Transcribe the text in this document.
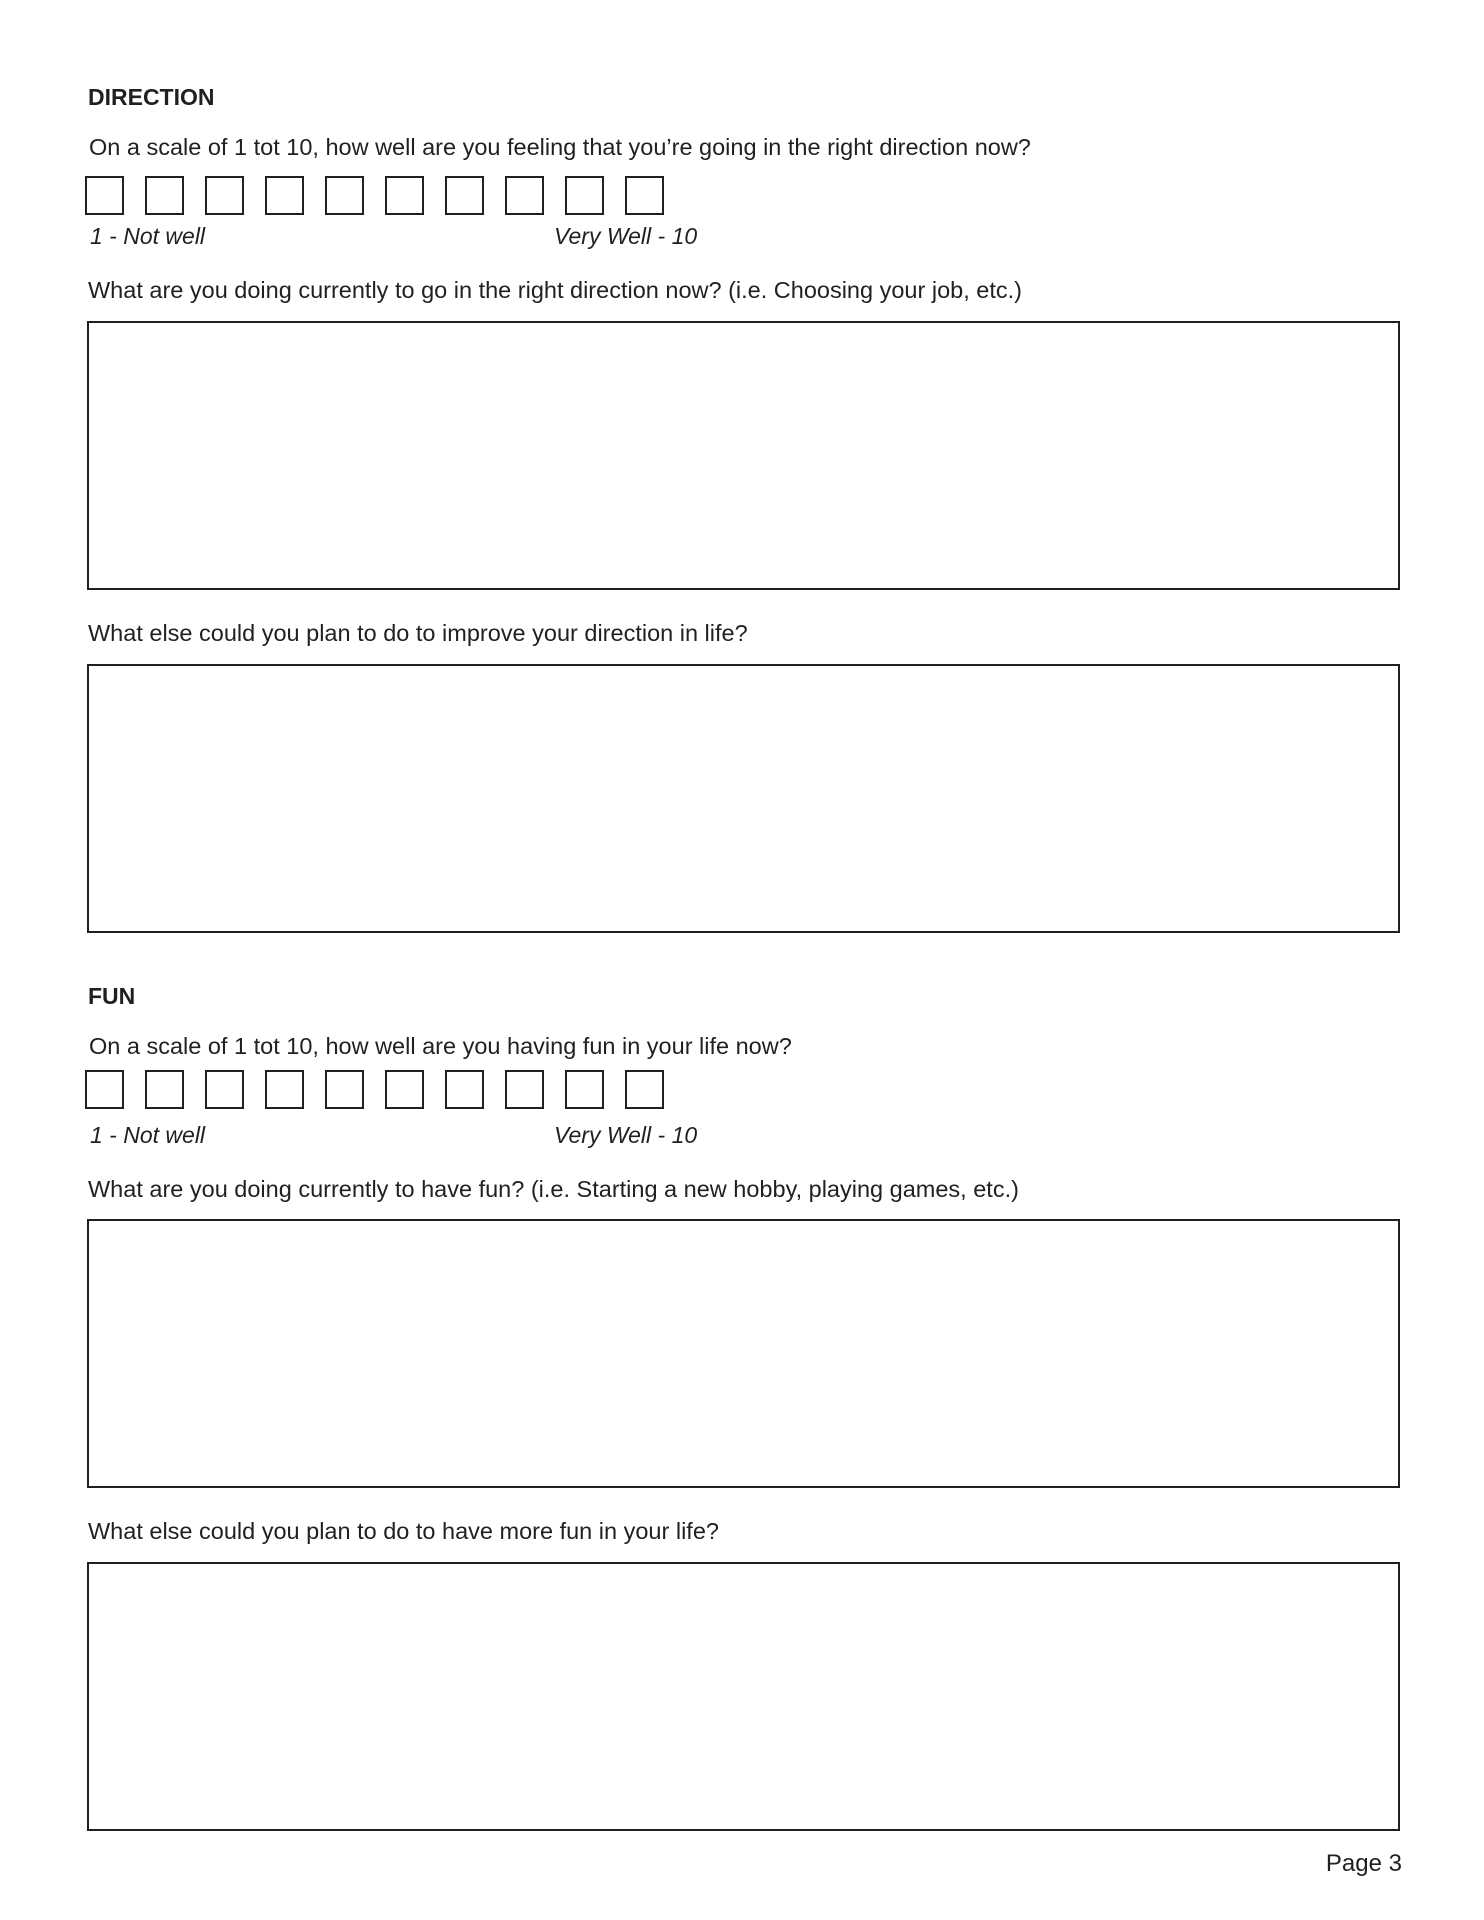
DIRECTION
On a scale of 1 tot 10, how well are you feeling that you’re going in the right direction now?
1 - Not well	Very Well - 10
What are you doing currently to go in the right direction now? (i.e. Choosing your job, etc.)
What else could you plan to do to improve your direction in life?
FUN
On a scale of 1 tot 10, how well are you having fun in your life now?
1 - Not well	Very Well - 10
What are you doing currently to have fun? (i.e. Starting a new hobby, playing games, etc.)
What else could you plan to do to have more fun in your life?
Page 3
